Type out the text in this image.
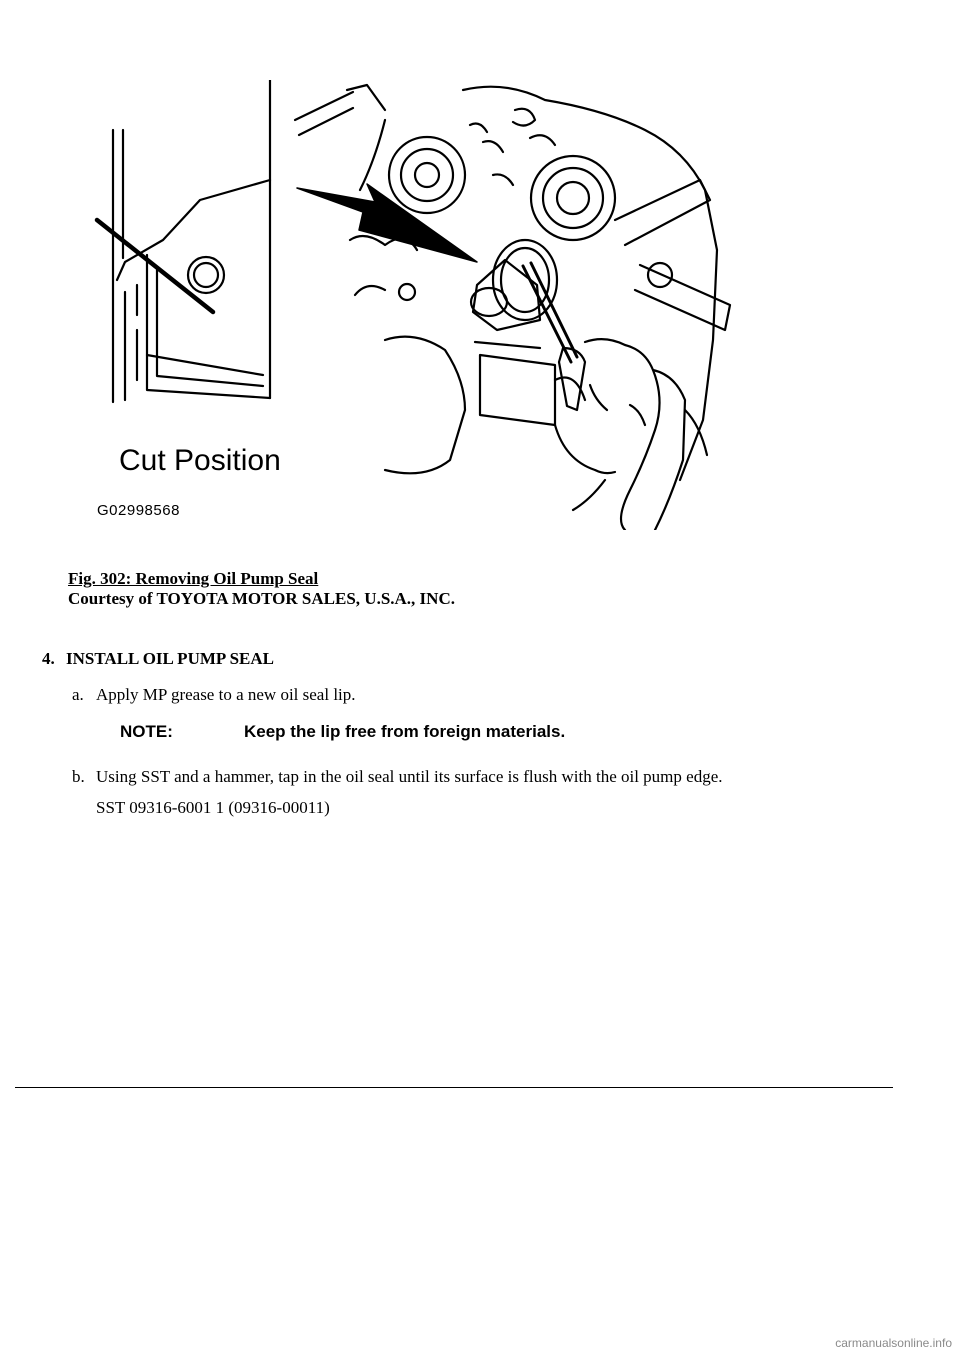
Cut Position
G02998568
Fig. 302: Removing Oil Pump Seal
Courtesy of TOYOTA MOTOR SALES, U.S.A., INC.
4. INSTALL OIL PUMP SEAL
a. Apply MP grease to a new oil seal lip.
NOTE:	Keep the lip free from foreign materials.
b. Using SST and a hammer, tap in the oil seal until its surface is flush with the oil pump edge.
SST 09316-6001 1 (09316-00011)
carmanualsonline.info
